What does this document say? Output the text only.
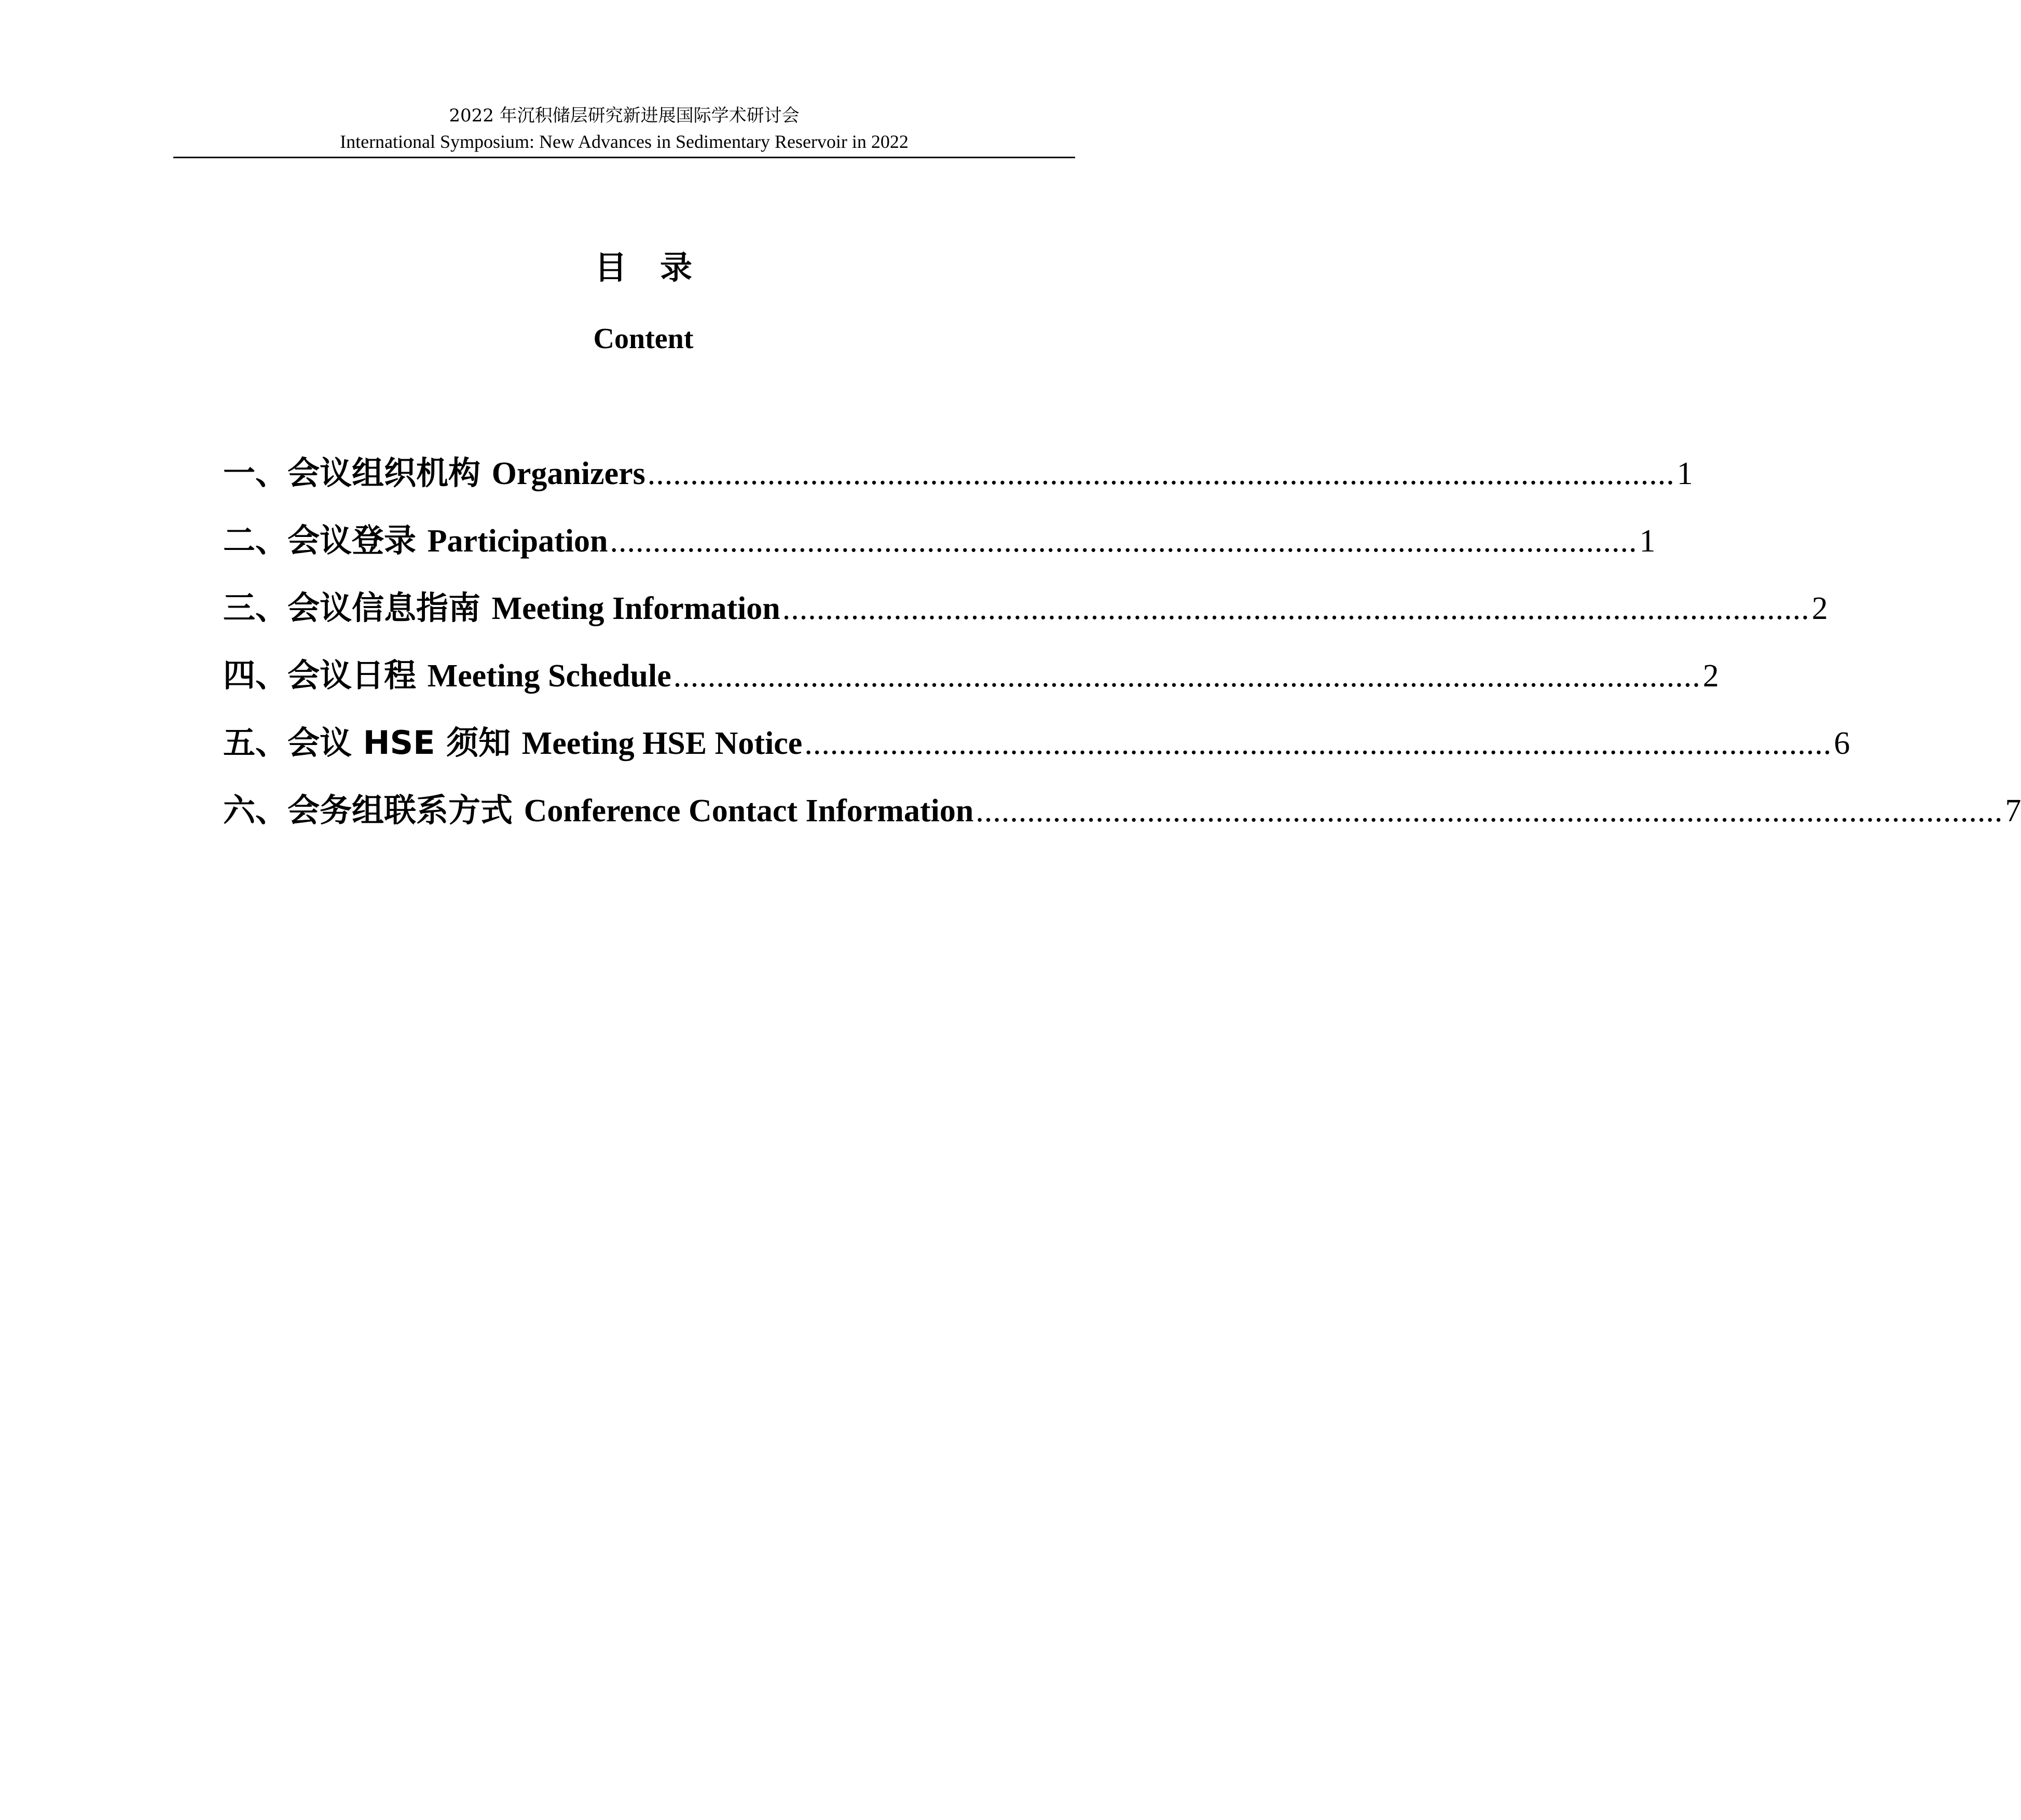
2022 年沉积储层研究新进展国际学术研讨会
International Symposium: New Advances in Sedimentary Reservoir in 2022
目录
Content
一、会议组织机构 Organizers ........................................................................................................................ 1
二、会议登录 Participation ........................................................................................................................ 1
三、会议信息指南 Meeting Information ........................................................................................................................ 2
四、会议日程 Meeting Schedule ........................................................................................................................ 2
五、会议 HSE 须知 Meeting HSE Notice ........................................................................................................................ 6
六、会务组联系方式 Conference Contact Information ........................................................................................................................ 7
